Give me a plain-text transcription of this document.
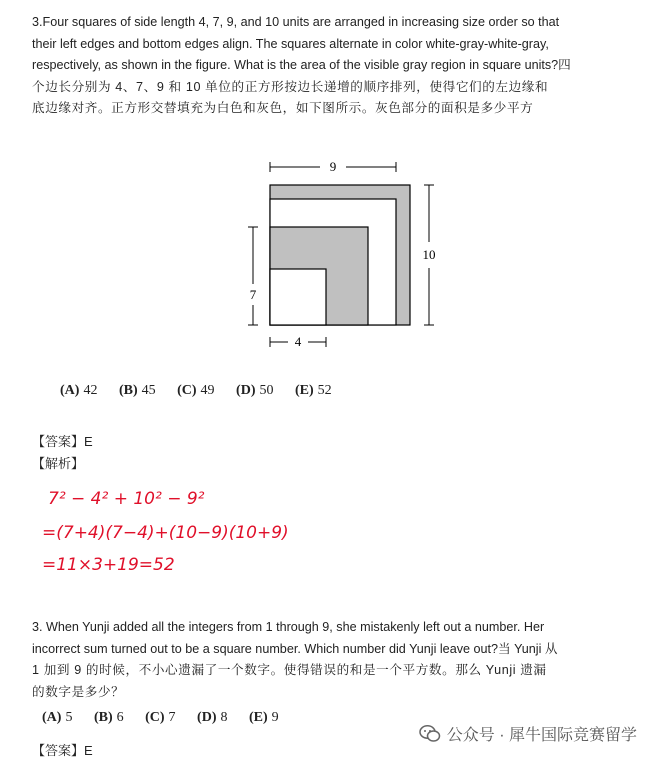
3.Four squares of side length 4, 7, 9, and 10 units are arranged in increasing size order so that
their left edges and bottom edges align. The squares alternate in color white-gray-white-gray,
respectively, as shown in the figure. What is the area of the visible gray region in square units?四
个边长分别为 4、7、9 和 10 单位的正方形按边长递增的顺序排列，使得它们的左边缘和
底边缘对齐。正方形交替填充为白色和灰色，如下图所示。灰色部分的面积是多少平方
9
10
7
4
(A) 42 (B) 45 (C) 49 (D) 50 (E) 52
【答案】E
【解析】
7² − 4² + 10² − 9²
=(7+4)(7−4)+(10−9)(10+9)
=11×3+19=52
3. When Yunji added all the integers from 1 through 9, she mistakenly left out a number. Her
incorrect sum turned out to be a square number. Which number did Yunji leave out?当 Yunji 从
1 加到 9 的时候，不小心遗漏了一个数字。使得错误的和是一个平方数。那么 Yunji 遗漏
的数字是多少？
(A) 5 (B) 6 (C) 7 (D) 8 (E) 9
【答案】E
公众号 · 犀牛国际竞赛留学
